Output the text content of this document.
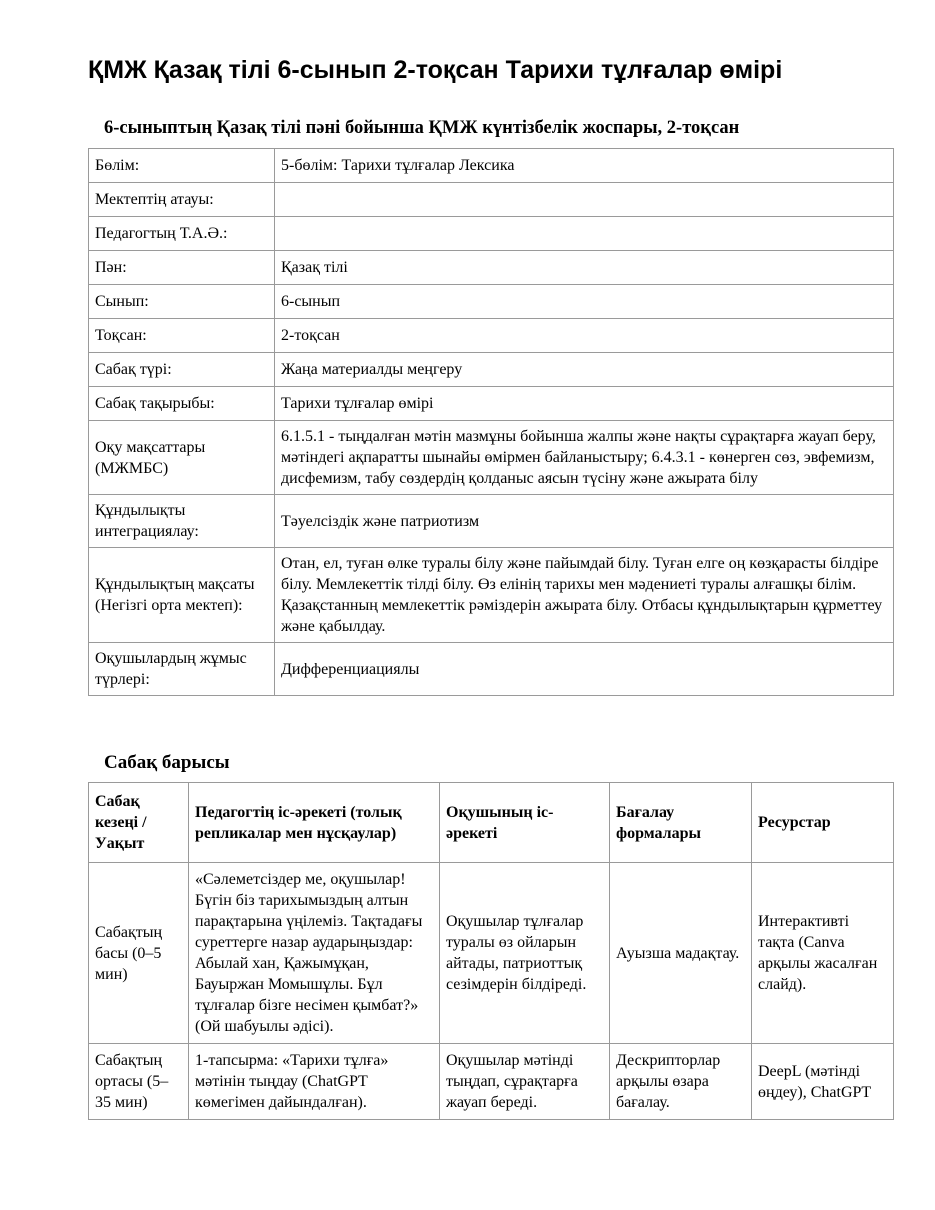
ҚМЖ Қазақ тілі 6-сынып 2-тоқсан Тарихи тұлғалар өмірі
6-сыныптың Қазақ тілі пәні бойынша ҚМЖ күнтізбелік жоспары, 2-тоқсан
Бөлім:	5-бөлім: Тарихи тұлғалар Лексика
Мектептің атауы:	
Педагогтың Т.А.Ә.:	
Пән:	Қазақ тілі
Сынып:	6-сынып
Тоқсан:	2-тоқсан
Сабақ түрі:	Жаңа материалды меңгеру
Сабақ тақырыбы:	Тарихи тұлғалар өмірі
Оқу мақсаттары (МЖМБС)	6.1.5.1 - тыңдалған мәтін мазмұны бойынша жалпы және нақты сұрақтарға жауап беру, мәтіндегі ақпаратты шынайы өмірмен байланыстыру; 6.4.3.1 - көнерген сөз, эвфемизм, дисфемизм, табу сөздердің қолданыс аясын түсіну және ажырата білу
Құндылықты интеграциялау:	Тәуелсіздік және патриотизм
Құндылықтың мақсаты (Негізгі орта мектеп):	Отан, ел, туған өлке туралы білу және пайымдай білу. Туған елге оң көзқарасты білдіре білу. Мемлекеттік тілді білу. Өз елінің тарихы мен мәдениеті туралы алғашқы білім. Қазақстанның мемлекеттік рәміздерін ажырата білу. Отбасы құндылықтарын құрметтеу және қабылдау.
Оқушылардың жұмыс түрлері:	Дифференциациялы
Сабақ барысы
Сабақ кезеңі / Уақыт	Педагогтің іс-әрекеті (толық репликалар мен нұсқаулар)	Оқушының іс-әрекеті	Бағалау формалары	Ресурстар
Сабақтың басы (0–5 мин)	«Сәлеметсіздер ме, оқушылар! Бүгін біз тарихымыздың алтын парақтарына үңілеміз. Тақтадағы суреттерге назар аударыңыздар: Абылай хан, Қажымұқан, Бауыржан Момышұлы. Бұл тұлғалар бізге несімен қымбат?» (Ой шабуылы әдісі).	Оқушылар тұлғалар туралы өз ойларын айтады, патриоттық сезімдерін білдіреді.	Ауызша мадақтау.	Интерактивті тақта (Canva арқылы жасалған слайд).
Сабақтың ортасы (5–35 мин)	1-тапсырма: «Тарихи тұлға» мәтінін тыңдау (ChatGPT көмегімен дайындалған).	Оқушылар мәтінді тыңдап, сұрақтарға жауап береді.	Дескрипторлар арқылы өзара бағалау.	DeepL (мәтінді өңдеу), ChatGPT
